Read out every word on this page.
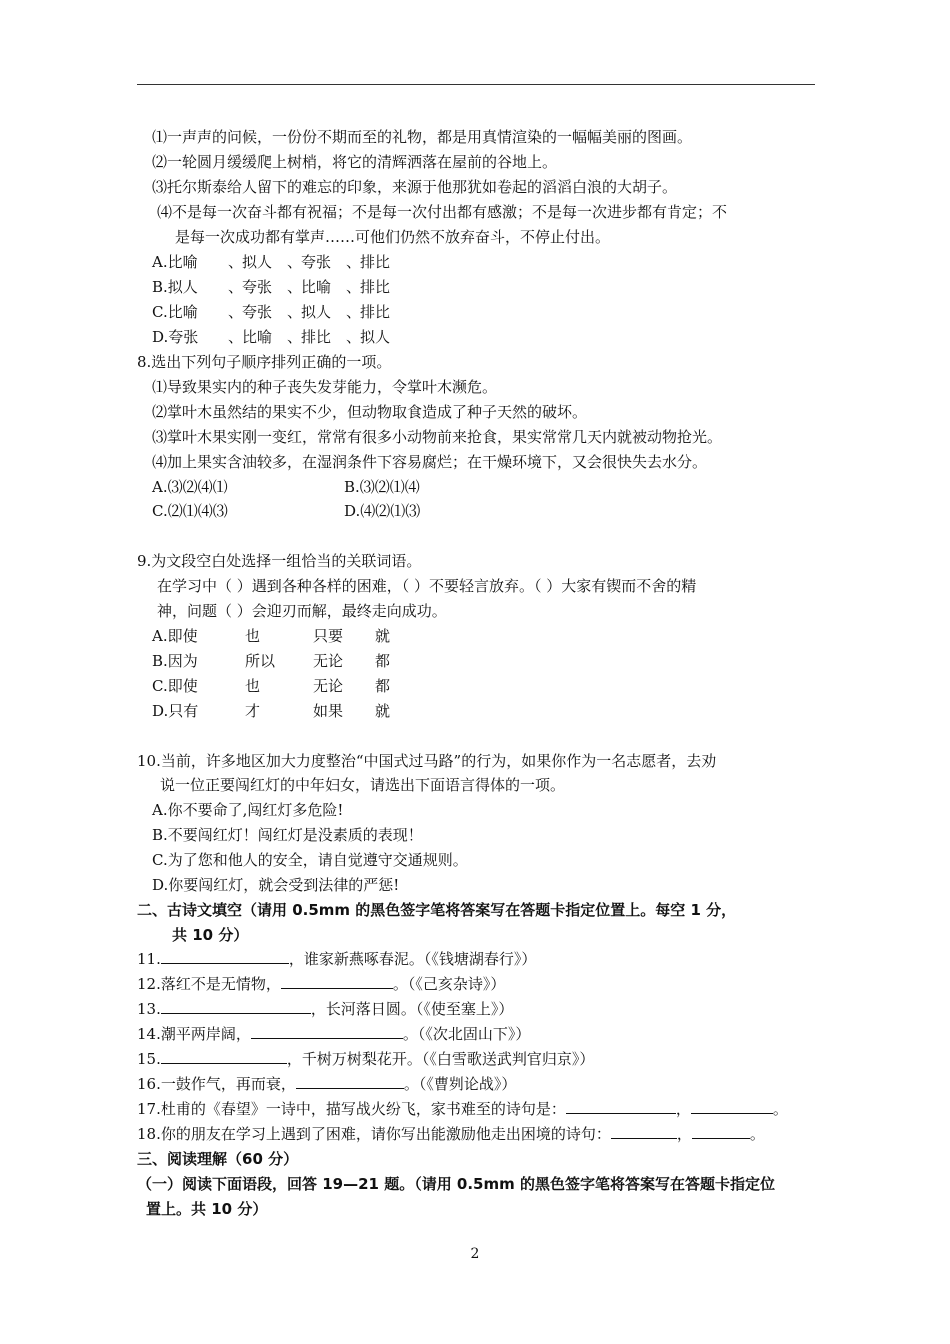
⑴一声声的问候，一份份不期而至的礼物，都是用真情渲染的一幅幅美丽的图画。
⑵一轮圆月缓缓爬上树梢，将它的清辉洒落在屋前的谷地上。
⑶托尔斯泰给人留下的难忘的印象，来源于他那犹如卷起的滔滔白浪的大胡子。
⑷不是每一次奋斗都有祝福；不是每一次付出都有感激；不是每一次进步都有肯定；不
是每一次成功都有掌声……可他们仍然不放弃奋斗，不停止付出。
A.比喻 、拟人 、夸张 、排比
B.拟人 、夸张 、比喻 、排比
C.比喻 、夸张 、拟人 、排比
D.夸张 、比喻 、排比 、拟人
8.选出下列句子顺序排列正确的一项。
⑴导致果实内的种子丧失发芽能力，令掌叶木濒危。
⑵掌叶木虽然结的果实不少，但动物取食造成了种子天然的破坏。
⑶掌叶木果实刚一变红，常常有很多小动物前来抢食，果实常常几天内就被动物抢光。
⑷加上果实含油较多，在湿润条件下容易腐烂；在干燥环境下，又会很快失去水分。
A.⑶⑵⑷⑴	B.⑶⑵⑴⑷
C.⑵⑴⑷⑶	D.⑷⑵⑴⑶
9.为文段空白处选择一组恰当的关联词语。
在学习中（ ）遇到各种各样的困难，（ ）不要轻言放弃。（ ）大家有锲而不舍的精
神，问题（ ）会迎刃而解，最终走向成功。
A.即使	也	只要 就
B.因为	所以	无论 都
C.即使	也	无论 都
D.只有	才	如果 就
10.当前，许多地区加大力度整治“中国式过马路”的行为，如果你作为一名志愿者，去劝
说一位正要闯红灯的中年妇女，请选出下面语言得体的一项。
A.你不要命了,闯红灯多危险!
B.不要闯红灯！闯红灯是没素质的表现！
C.为了您和他人的安全，请自觉遵守交通规则。
D.你要闯红灯，就会受到法律的严惩!
二、古诗文填空（请用 0.5mm 的黑色签字笔将答案写在答题卡指定位置上。每空 1 分，
共 10 分）
11.	，谁家新燕啄春泥。（《钱塘湖春行》）
12.落红不是无情物，	。（《己亥杂诗》）
13.	，长河落日圆。（《使至塞上》）
14.潮平两岸阔，	。（《次北固山下》）
15.	，千树万树梨花开。（《白雪歌送武判官归京》）
16.一鼓作气，再而衰，	。（《曹刿论战》）
17.杜甫的《春望》一诗中，描写战火纷飞，家书难至的诗句是：	，	。
18.你的朋友在学习上遇到了困难，请你写出能激励他走出困境的诗句：	，	。
三、阅读理解（60 分）
（一）阅读下面语段，回答 19—21 题。（请用 0.5mm 的黑色签字笔将答案写在答题卡指定位
置上。共 10 分）
2
